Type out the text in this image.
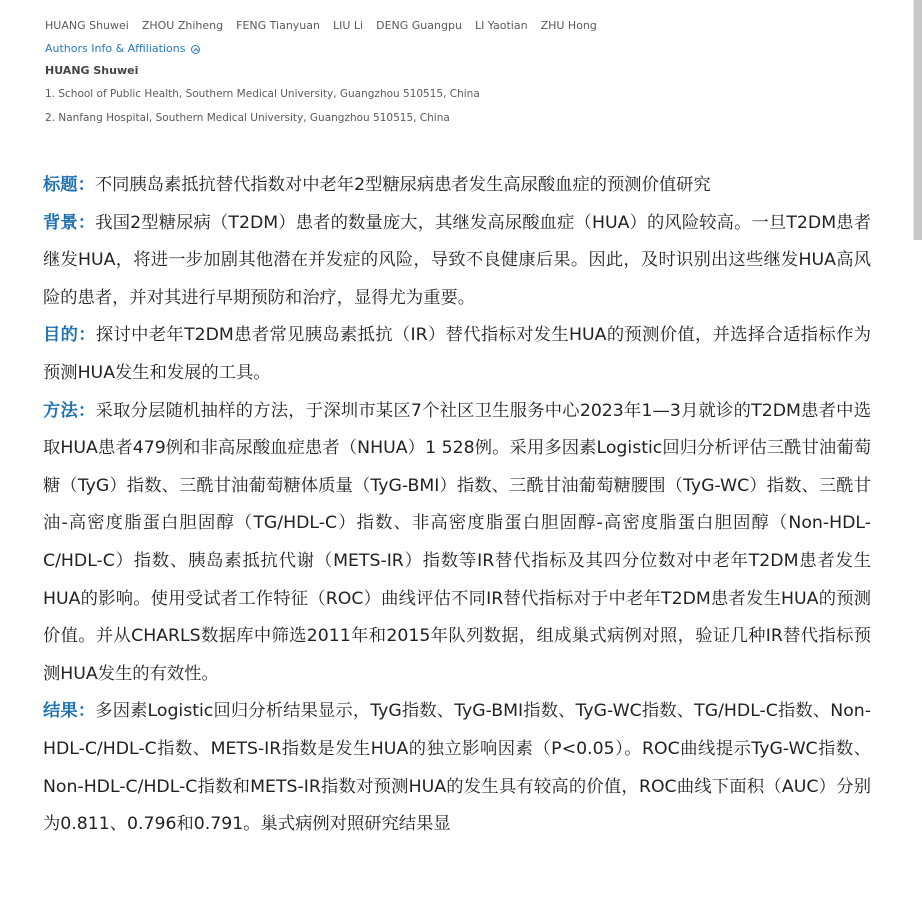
HUANG Shuwei ZHOU Zhiheng FENG Tianyuan LIU Li DENG Guangpu LI Yaotian ZHU Hong
Authors Info & Affiliations
HUANG Shuwei
1. School of Public Health, Southern Medical University, Guangzhou 510515, China
2. Nanfang Hospital, Southern Medical University, Guangzhou 510515, China

标题：不同胰岛素抵抗替代指数对中老年2型糖尿病患者发生高尿酸血症的预测价值研究

背景：我国2型糖尿病（T2DM）患者的数量庞大，其继发高尿酸血症（HUA）的风险较高。一旦T2DM患者继发HUA，将进一步加剧其他潜在并发症的风险，导致不良健康后果。因此，及时识别出这些继发HUA高风险的患者，并对其进行早期预防和治疗，显得尤为重要。

目的：探讨中老年T2DM患者常见胰岛素抵抗（IR）替代指标对发生HUA的预测价值，并选择合适指标作为预测HUA发生和发展的工具。

方法：采取分层随机抽样的方法，于深圳市某区7个社区卫生服务中心2023年1—3月就诊的T2DM患者中选取HUA患者479例和非高尿酸血症患者（NHUA）1 528例。采用多因素Logistic回归分析评估三酰甘油葡萄糖（TyG）指数、三酰甘油葡萄糖体质量（TyG-BMI）指数、三酰甘油葡萄糖腰围（TyG-WC）指数、三酰甘油-高密度脂蛋白胆固醇（TG/HDL-C）指数、非高密度脂蛋白胆固醇-高密度脂蛋白胆固醇（Non-HDL-C/HDL-C）指数、胰岛素抵抗代谢（METS-IR）指数等IR替代指标及其四分位数对中老年T2DM患者发生HUA的影响。使用受试者工作特征（ROC）曲线评估不同IR替代指标对于中老年T2DM患者发生HUA的预测价值。并从CHARLS数据库中筛选2011年和2015年队列数据，组成巢式病例对照，验证几种IR替代指标预测HUA发生的有效性。

结果：多因素Logistic回归分析结果显示，TyG指数、TyG-BMI指数、TyG-WC指数、TG/HDL-C指数、Non-HDL-C/HDL-C指数、METS-IR指数是发生HUA的独立影响因素（P<0.05）。ROC曲线提示TyG-WC指数、Non-HDL-C/HDL-C指数和METS-IR指数对预测HUA的发生具有较高的价值，ROC曲线下面积（AUC）分别为0.811、0.796和0.791。巢式病例对照研究结果显
